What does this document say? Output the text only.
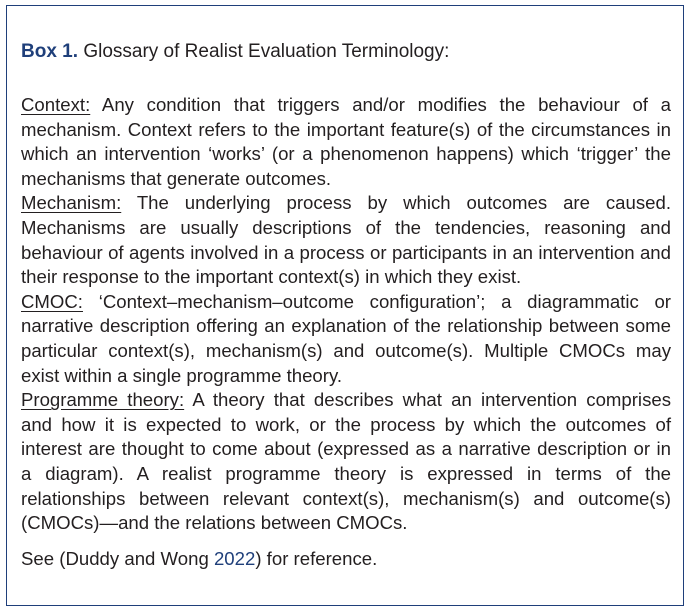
Box 1. Glossary of Realist Evaluation Terminology:

Context: Any condition that triggers and/or modifies the behaviour of a mechanism. Context refers to the important feature(s) of the circumstances in which an intervention ‘works’ (or a phenomenon happens) which ‘trigger’ the mechanisms that generate outcomes.

Mechanism: The underlying process by which outcomes are caused. Mechanisms are usually descriptions of the tendencies, reasoning and behaviour of agents involved in a process or participants in an intervention and their response to the important context(s) in which they exist.

CMOC: ‘Context–mechanism–outcome configuration’; a diagrammatic or narrative description offering an explanation of the relationship between some particular context(s), mechanism(s) and outcome(s). Multiple CMOCs may exist within a single programme theory.

Programme theory: A theory that describes what an intervention comprises and how it is expected to work, or the process by which the outcomes of interest are thought to come about (expressed as a narrative description or in a diagram). A realist programme theory is expressed in terms of the relationships between relevant context(s), mechanism(s) and outcome(s) (CMOCs)—and the relations between CMOCs.

See (Duddy and Wong 2022) for reference.
